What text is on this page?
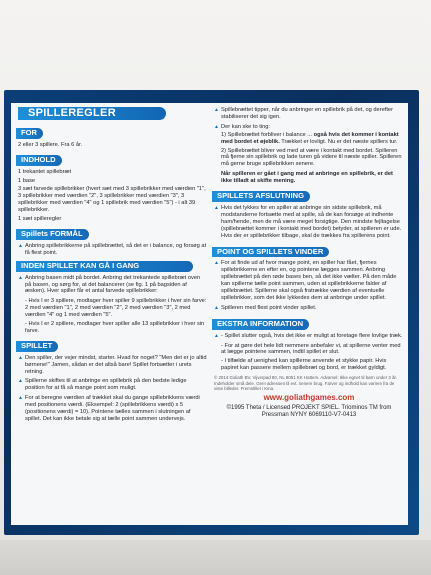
SPILLEREGLER
FOR

2 eller 3 spillere. Fra 6 år.

INDHOLD

1 trekantet spillebræt

1 base

3 sæt farvede spillebrikker (hvert sæt med 3 spillebrikker med værdien "1", 3 spillebrikker med værdien "2", 3 spillebrikker med værdien "3", 3 spillebrikker med værdien "4" og 1 spillebrik med værdien "5") - i alt 39 spillebrikker.

1 sæt spilleregler

Spillets FORMÅL

▲ Anbring spillebrikkerne på spillebrættet, så det er i balance, og forsøg at få flest point.

INDEN SPILLET KAN GÅ I GANG

▲ Anbring basen midt på bordet. Anbring det trekantede spillebræt oven på basen, og sørg for, at det balancerer (se fig. 1 på bagsiden af æsken). Hver spiller får et antal farvede spillebrikker:

- Hvis I er 3 spillere, modtager hver spiller 9 spillebrikker i hver sin farve: 2 med værdien "1", 2 med værdien "2", 2 med værdien "3", 2 med værdien "4" og 1 med værdien "5".

- Hvis I er 2 spillere, modtager hver spiller alle 13 spillebrikker i hver sin farve.

SPILLET

▲ Den spiller, der vejer mindst, starter. Hvad for noget? "Men det er jo altid børnene!" Jamen, sådan er det altså bare! Spillet fortsætter i urets retning.

▲ Spillerne skiftes til at anbringe en spillebrik på den bedste ledige position for at få så mange point som muligt.

▲ For at beregne værdien af trækket skal du gange spillebrikkens værdi med positionens værdi. (Eksempel: 2 (spillebrikkens værdi) x 5 (positionens værdi) = 10). Pointene tælles sammen i slutningen af spillet. Det kan ikke betale sig at tælle point sammen undervejs.

▲ Spillebrættet tipper, når du anbringer en spillebrik på det, og derefter stabiliserer det sig igen.

▲ Der kan ske to ting:

1) Spillebrættet forbliver i balance ... også hvis det kommer i kontakt med bordet et øjeblik. Trækket er lovligt. Nu er det næste spillers tur.

2) Spillebrættet bliver ved med at være i kontakt med bordet. Spilleren må fjerne sin spillebrik og lade turen gå videre til næste spiller. Spilleren må gerne bruge spillebrikken senere.

Når spilleren er gået i gang med at anbringe en spillebrik, er det ikke tilladt at skifte mening.

SPILLETS AFSLUTNING

▲ Hvis det lykkes for en spiller at anbringe sin sidste spillebrik, må modstanderne fortsætte med at spille, så de kan forsøge at indhente ham/hende, men de må være meget forsigtige. Den mindste fejltagelse (spillebrættet kommer i kontakt med bordet) betyder, at spilleren er ude. Hvis der er spillebrikker tilbage, skal de trækkes fra spillerens point.

POINT OG SPILLETS VINDER

▲ For at finde ud af hvor mange point, en spiller har fået, fjernes spillebrikkerne en efter en, og pointene lægges sammen. Anbring spillebrættet på den røde bases ben, så det ikke vælter. På den måde kan spillerne tælle point sammen, uden at spillebrikkerne falder af spillebrættet. Spillerne skal også fratrække værdien af eventuelle spillebrikker, som det ikke lykkedes dem at anbringe under spillet.

▲ Spilleren med flest point vinder spillet.

EKSTRA INFORMATION

▲ - Spillet slutter også, hvis det ikke er muligt at foretage flere lovlige træk.

- For at gøre det hele lidt nemmere anbefaler vi, at spillerne venter med at lægge pointene sammen, indtil spillet er slut.

- I tilfælde af uenighed kan spillerne anvende et stykke papir. Hvis papiret kan passere mellem spillebræt og bord, er trækket gyldigt.

© 2014 Goliath BV, Vijverpad 80, NL 8051 KK Hattem. Advarsel: Ikke egnet til børn under 3 år. Indeholder små dele. Gem adressen til evt. senere brug. Farver og indhold kan variere fra de viste billeder. Fremstillet i Kina.

www.goliathgames.com
©1995 Theta / Licensed PROJEKT SPIEL. Triominos TM from
Pressman NYNY 6069110-V7-0413
